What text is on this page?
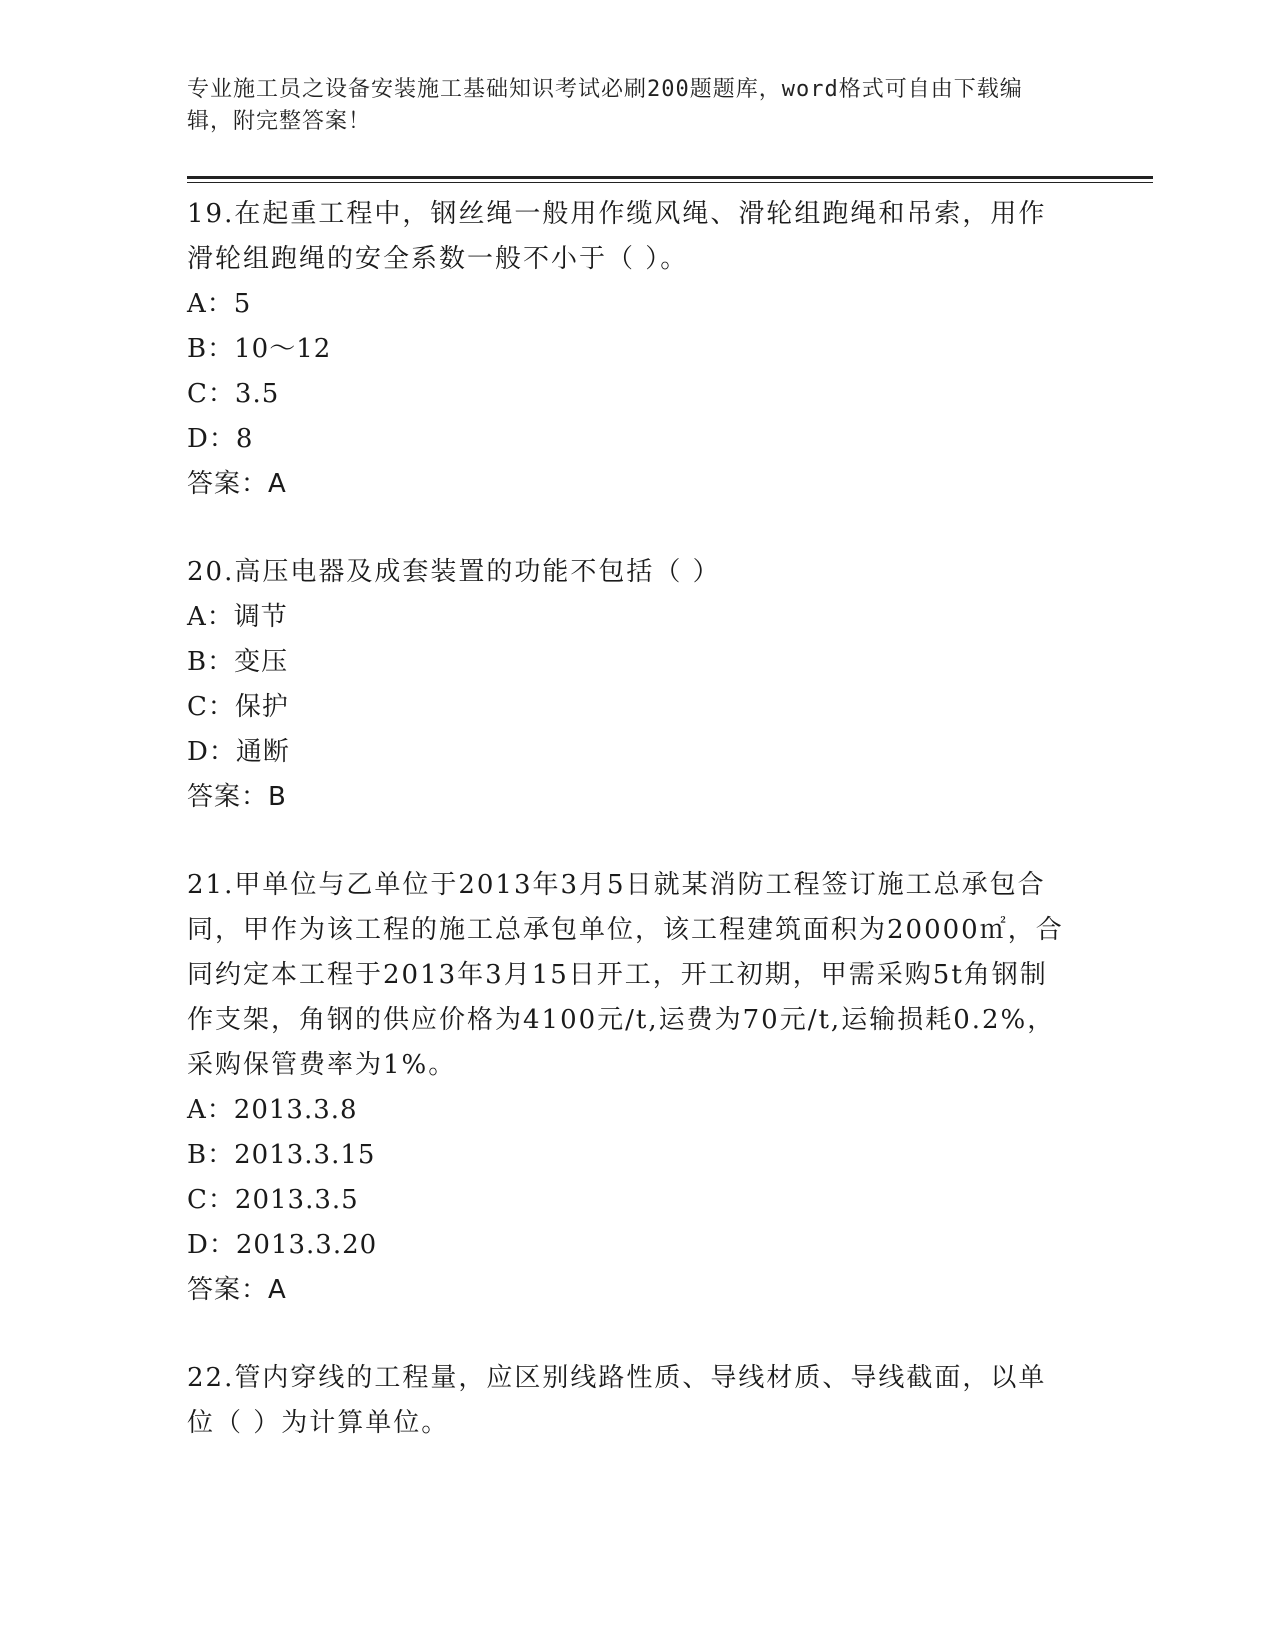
专业施工员之设备安装施工基础知识考试必刷200题题库，word格式可自由下载编辑，附完整答案！

19.在起重工程中，钢丝绳一般用作缆风绳、滑轮组跑绳和吊索，用作滑轮组跑绳的安全系数一般不小于（ ）。

A：5

B：10～12

C：3.5

D：8

答案：A

20.高压电器及成套装置的功能不包括（ ）

A：调节

B：变压

C：保护

D：通断

答案：B

21.甲单位与乙单位于2013年3月5日就某消防工程签订施工总承包合同，甲作为该工程的施工总承包单位，该工程建筑面积为20000㎡，合同约定本工程于2013年3月15日开工，开工初期，甲需采购5t角钢制作支架，角钢的供应价格为4100元/t,运费为70元/t,运输损耗0.2%，采购保管费率为1%。

A：2013.3.8

B：2013.3.15

C：2013.3.5

D：2013.3.20

答案：A

22.管内穿线的工程量，应区别线路性质、导线材质、导线截面，以单位（ ）为计算单位。
